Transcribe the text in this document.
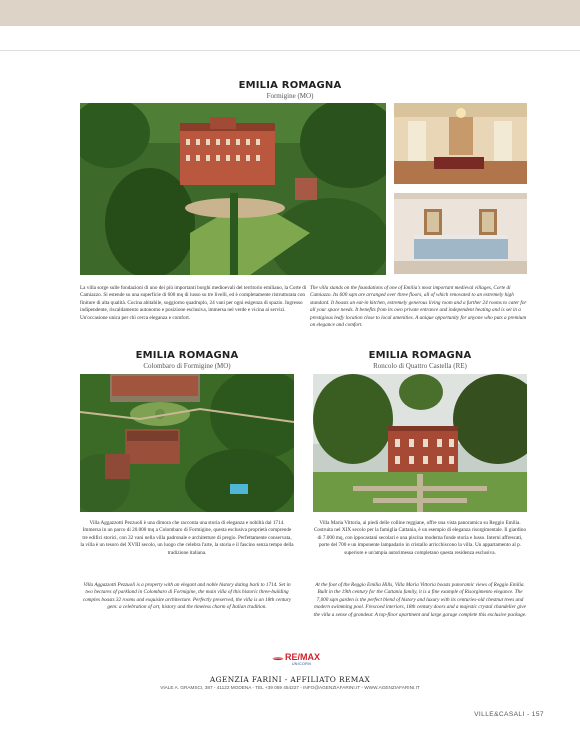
EMILIA ROMAGNA
Formigine (MO)
La villa sorge sulle fondazioni di uno dei più importanti borghi medioevali del territorio emiliano, la Corte di Camiazzo. Si estende su una superficie di 600 mq di lusso su tre livelli, ed è completamente ristrutturata con finiture di alta qualità. Cucina abitabile, soggiorno quadruplo, 24 vani per ogni esigenza di spazio. Ingresso indipendente, riscaldamento autonomo e posizione esclusiva, immersa nel verde e vicina ai servizi. Un'occasione unica per chi cerca eleganza e comfort.
The villa stands on the foundations of one of Emilia's most important medieval villages, Corte di Camiazzo. Its 600 sqm are arranged over three floors, all of which renovated to an extremely high standard. It boasts an eat-in kitchen, extremely generous living room and a further 24 rooms to cater for all your space needs. It benefits from its own private entrance and independent heating and is set in a prestigious leafy location close to local amenities. A unique opportunity for anyone who puts a premium on elegance and comfort.
EMILIA ROMAGNA
Colombaro di Formigine (MO)
Villa Aggazzotti Pezzuoli è una dimora che racconta una storia di eleganza e nobiltà dal 1714. Immersa in un parco di 20.000 mq a Colombaro di Formigine, questa esclusiva proprietà comprende tre edifici storici, con 32 vani nella villa padronale e architetture di pregio. Perfettamente conservata, la villa è un tesoro del XVIII secolo, un luogo che celebra l'arte, la storia e il fascino senza tempo della tradizione italiana.
Villa Aggazzotti Pezzuoli is a property with an elegant and noble history dating back to 1714. Set in two hectares of parkland in Colombaro di Formigine, the main villa of this historic three-building complex boasts 32 rooms and exquisite architecture. Perfectly preserved, the villa is an 18th century gem: a celebration of art, history and the timeless charm of Italian tradition.
EMILIA ROMAGNA
Roncolo di Quattro Castella (RE)
Villa Maria Vittoria, ai piedi delle colline reggiane, offre una vista panoramica su Reggio Emilia. Costruita nel XIX secolo per la famiglia Cattania, è un esempio di eleganza risorgimentale. Il giardino di 7.000 mq, con ippocastani secolari e una piscina moderna fonde storia e lusso. Interni affrescati, porte del 700 e un imponente lampadario in cristallo arricchiscono la villa. Un appartamento al p. superiore e un'ampia autorimessa completano questa residenza esclusiva.
At the foot of the Reggio Emilia Hills, Villa Maria Vittoria boasts panoramic views of Reggio Emilia. Built in the 19th century for the Cattania family, it is a fine example of Risorgimento elegance. The 7,000 sqm garden is the perfect blend of history and luxury with its centuries-old chestnut trees and modern swimming pool. Frescoed interiors, 18th century doors and a majestic crystal chandelier give the villa a sense of grandeur. A top-floor apartment and large garage complete this exclusive package.
RE/MAX
UNICORN
AGENZIA FARINI - AFFILIATO REMAX
VIALE A. GRAMSCI, 387 - 41122 MODENA - TEL +39 059 454227 - INFO@AGENZIAFARINI.IT - WWW.AGENZIAFARINI.IT
VILLE&CASALI - 157
